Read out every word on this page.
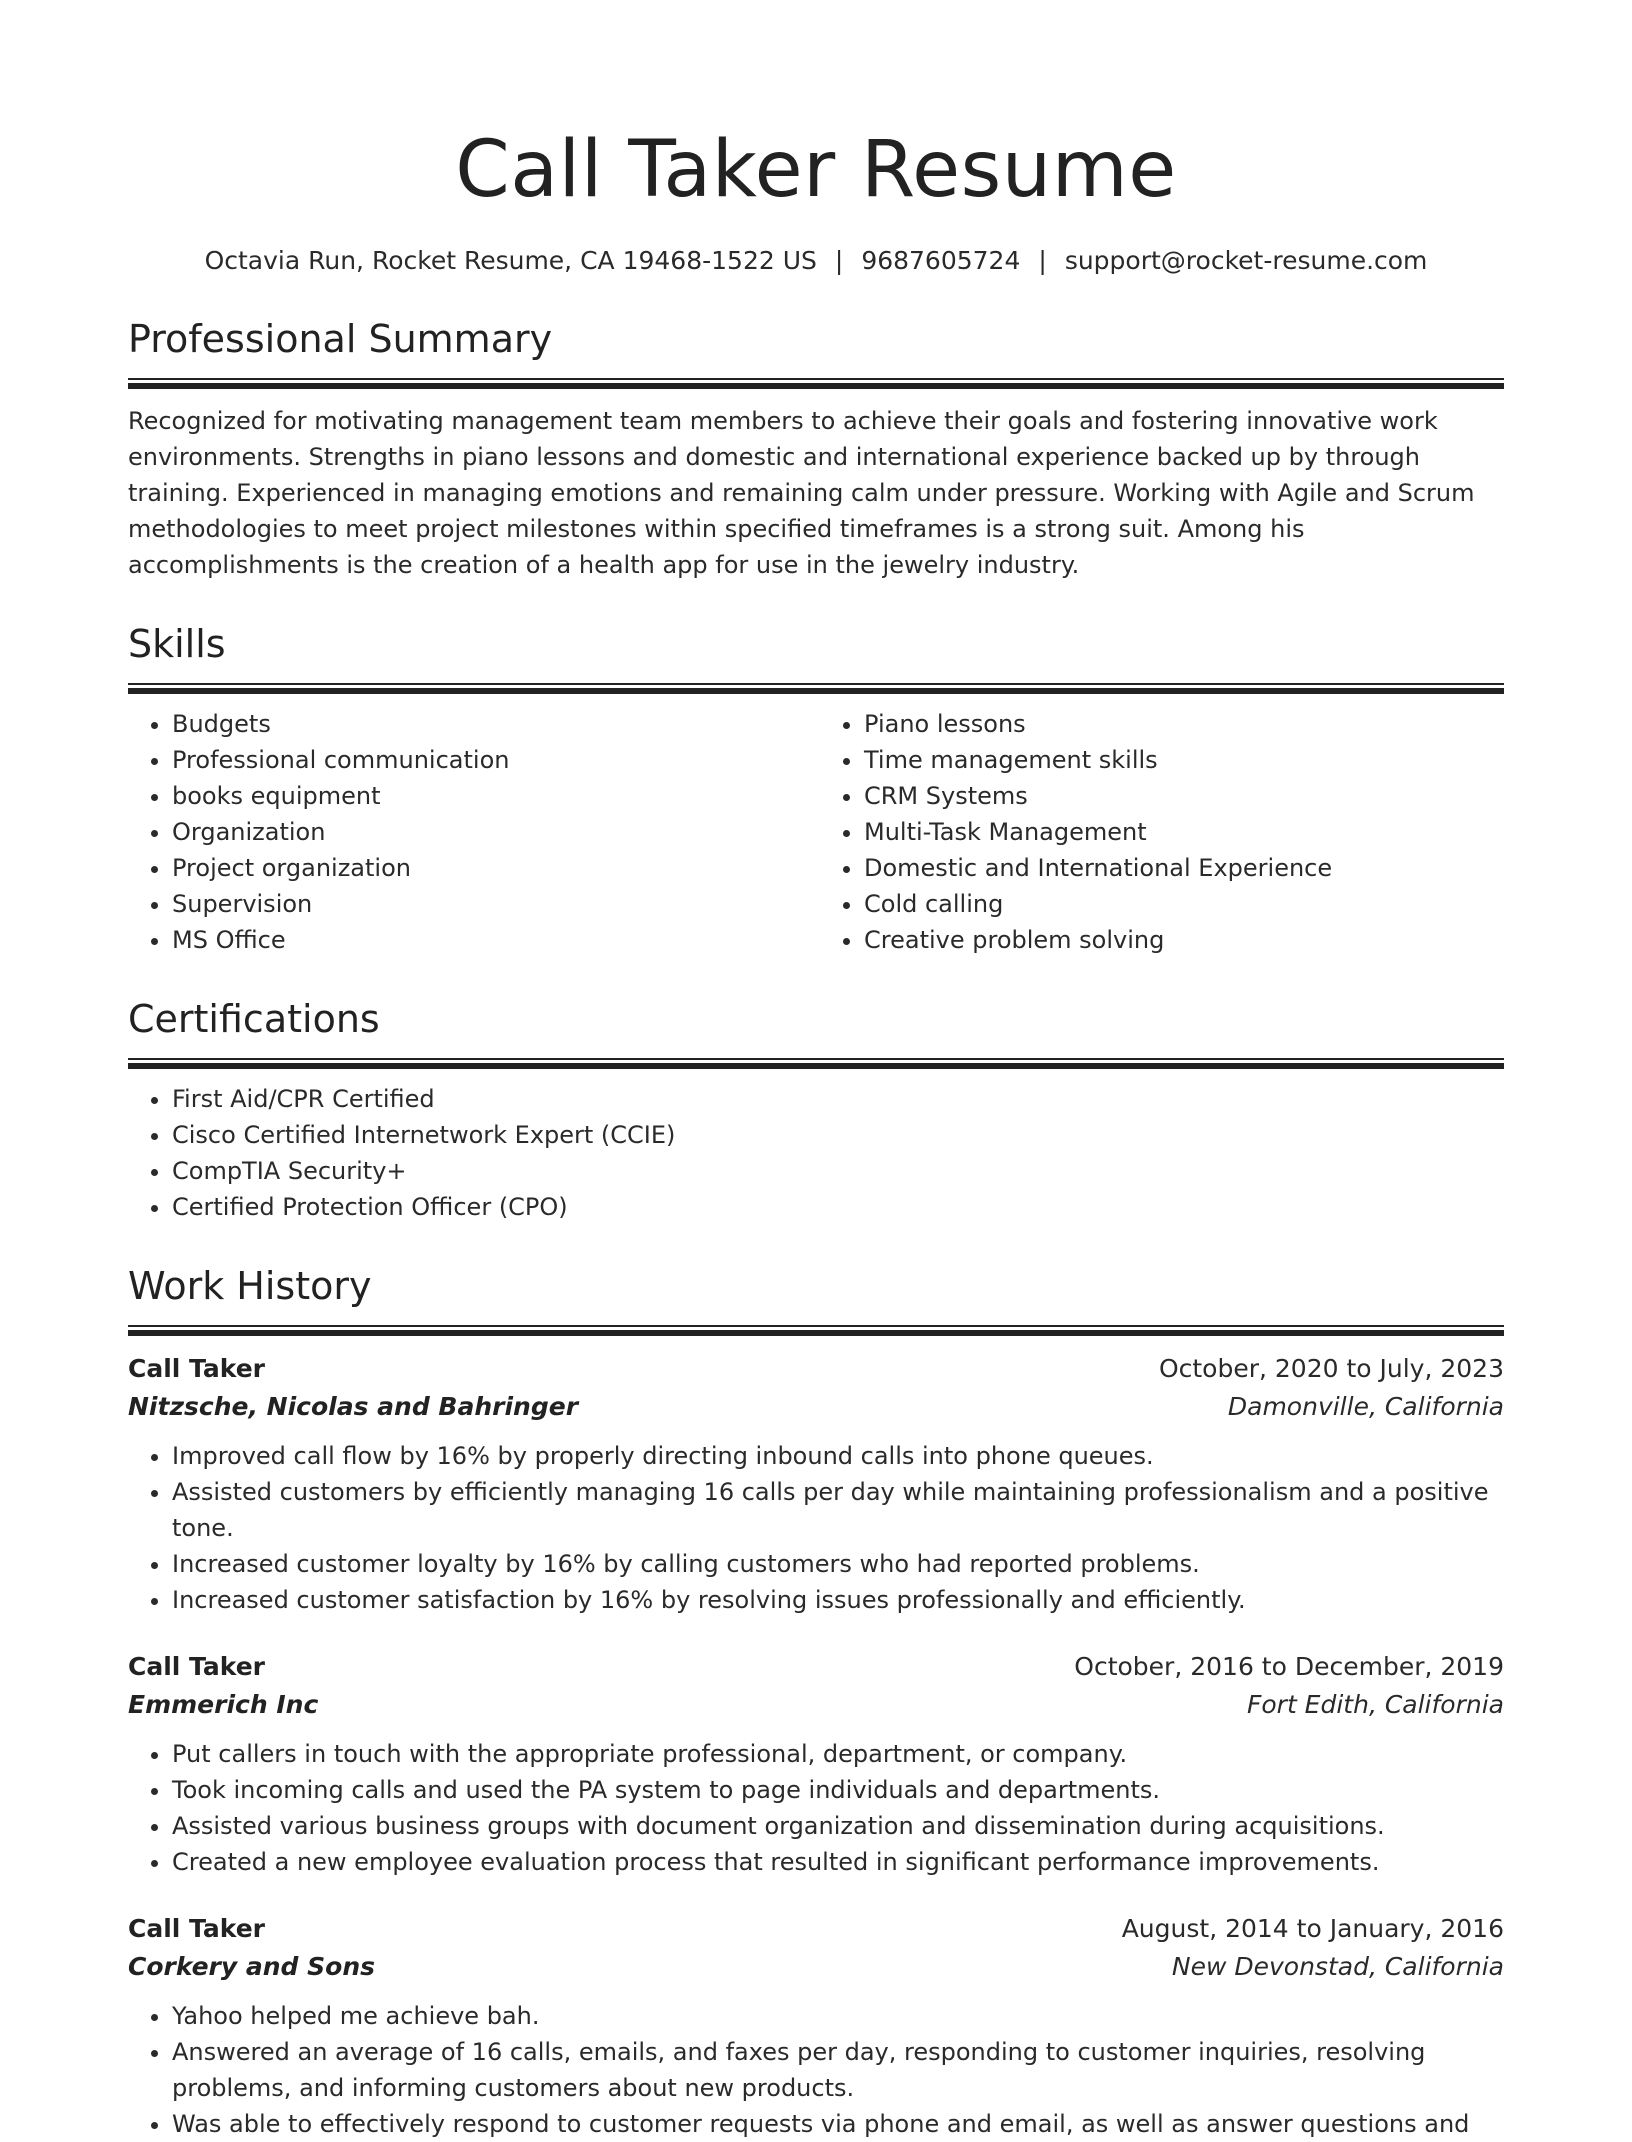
Call Taker Resume
Octavia Run, Rocket Resume, CA 19468-1522 US | 9687605724 | support@rocket-resume.com
Professional Summary

Recognized for motivating management team members to achieve their goals and fostering innovative work environments. Strengths in piano lessons and domestic and international experience backed up by through training. Experienced in managing emotions and remaining calm under pressure. Working with Agile and Scrum methodologies to meet project milestones within specified timeframes is a strong suit. Among his accomplishments is the creation of a health app for use in the jewelry industry.

Skills
• Budgets
• Professional communication
• books equipment
• Organization
• Project organization
• Supervision
• MS Office
• Piano lessons
• Time management skills
• CRM Systems
• Multi-Task Management
• Domestic and International Experience
• Cold calling
• Creative problem solving
Certifications
• First Aid/CPR Certified
• Cisco Certified Internetwork Expert (CCIE)
• CompTIA Security+
• Certified Protection Officer (CPO)
Work History
Call Taker	October, 2020 to July, 2023
Nitzsche, Nicolas and Bahringer	Damonville, California
• Improved call flow by 16% by properly directing inbound calls into phone queues.
• Assisted customers by efficiently managing 16 calls per day while maintaining professionalism and a positive tone.
• Increased customer loyalty by 16% by calling customers who had reported problems.
• Increased customer satisfaction by 16% by resolving issues professionally and efficiently.
Call Taker	October, 2016 to December, 2019
Emmerich Inc	Fort Edith, California
• Put callers in touch with the appropriate professional, department, or company.
• Took incoming calls and used the PA system to page individuals and departments.
• Assisted various business groups with document organization and dissemination during acquisitions.
• Created a new employee evaluation process that resulted in significant performance improvements.
Call Taker	August, 2014 to January, 2016
Corkery and Sons	New Devonstad, California
• Yahoo helped me achieve bah.
• Answered an average of 16 calls, emails, and faxes per day, responding to customer inquiries, resolving problems, and informing customers about new products.
• Was able to effectively respond to customer requests via phone and email, as well as answer questions and
